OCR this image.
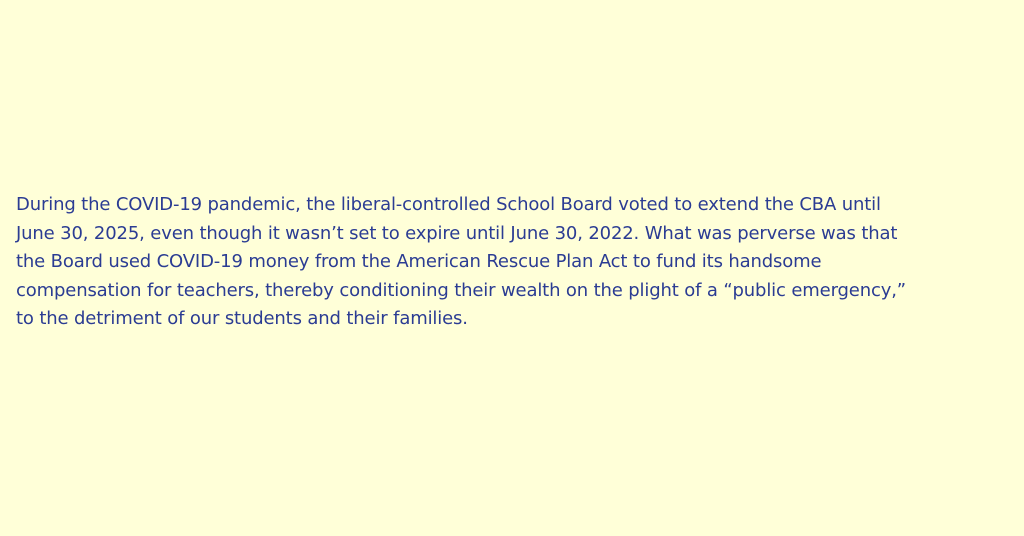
During the COVID-19 pandemic, the liberal-controlled School Board voted to extend the CBA until
June 30, 2025, even though it wasn’t set to expire until June 30, 2022. What was perverse was that
the Board used COVID-19 money from the American Rescue Plan Act to fund its handsome
compensation for teachers, thereby conditioning their wealth on the plight of a “public emergency,”
to the detriment of our students and their families.
